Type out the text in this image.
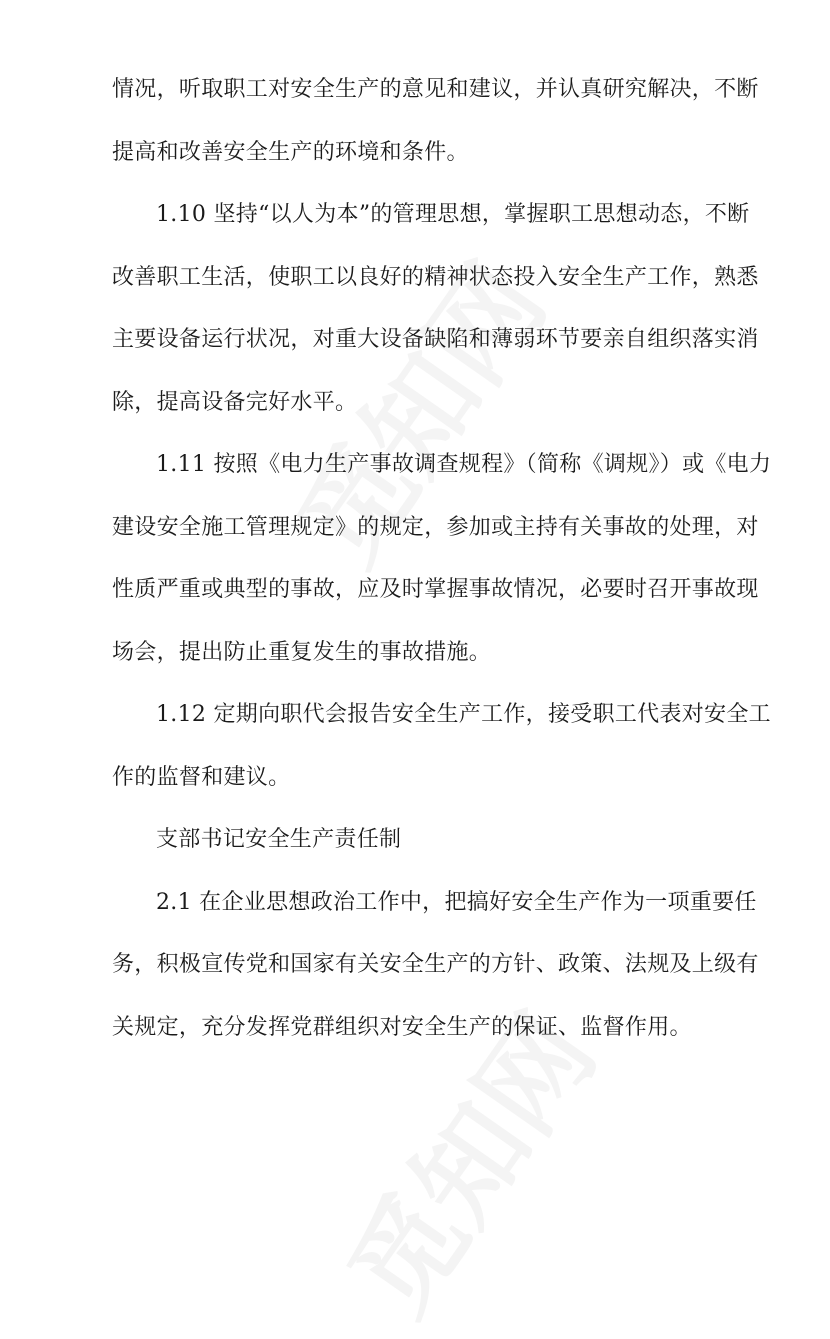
情况，听取职工对安全生产的意见和建议，并认真研究解决，不断
提高和改善安全生产的环境和条件。
1.10 坚持“以人为本”的管理思想，掌握职工思想动态，不断
改善职工生活，使职工以良好的精神状态投入安全生产工作，熟悉
主要设备运行状况，对重大设备缺陷和薄弱环节要亲自组织落实消
除，提高设备完好水平。
1.11 按照《电力生产事故调查规程》（简称《调规》）或《电力
建设安全施工管理规定》的规定，参加或主持有关事故的处理，对
性质严重或典型的事故，应及时掌握事故情况，必要时召开事故现
场会，提出防止重复发生的事故措施。
1.12 定期向职代会报告安全生产工作，接受职工代表对安全工
作的监督和建议。
支部书记安全生产责任制
2.1 在企业思想政治工作中，把搞好安全生产作为一项重要任
务，积极宣传党和国家有关安全生产的方针、政策、法规及上级有
关规定，充分发挥党群组织对安全生产的保证、监督作用。
